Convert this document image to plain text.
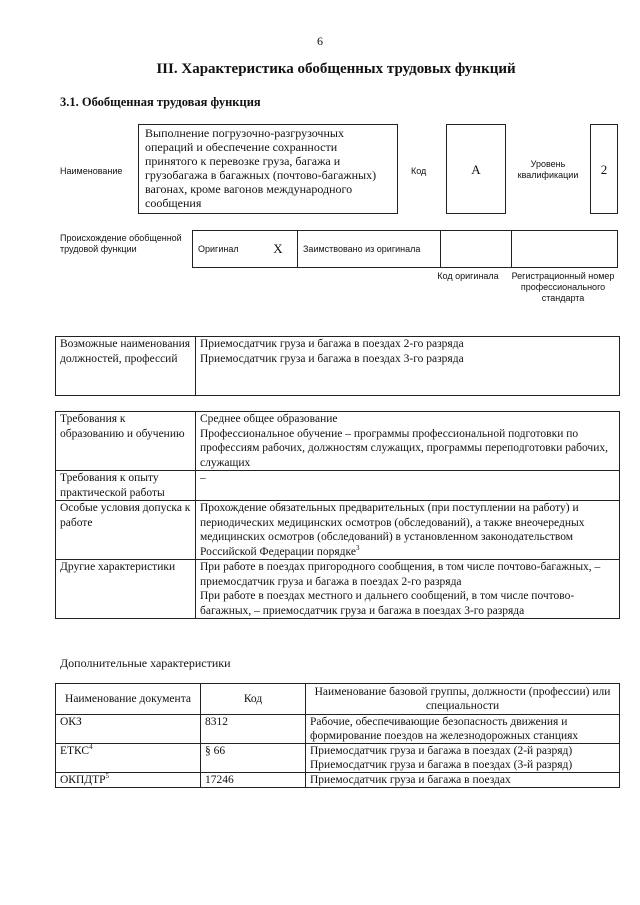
6
III. Характеристика обобщенных трудовых функций
3.1. Обобщенная трудовая функция
Наименование
Выполнение погрузочно-разгрузочных операций и обеспечение сохранности принятого к перевозке груза, багажа и грузобагажа в багажных (почтово-багажных) вагонах, кроме вагонов международного сообщения
Код	А	Уровень квалификации	2
Происхождение обобщенной трудовой функции	Оригинал	Х	Заимствовано из оригинала		
Код оригинала	Регистрационный номер профессионального стандарта
Возможные наименования должностей, профессий	
Приемосдатчик груза и багажа в поездах 2-го разряда
Приемосдатчик груза и багажа в поездах 3-го разряда
Требования к образованию и обучению	Среднее общее образование
Профессиональное обучение – программы профессиональной подготовки по профессиям рабочих, должностям служащих, программы переподготовки рабочих, служащих

Требования к опыту практической работы	–
Особые условия допуска к работе	Прохождение обязательных предварительных (при поступлении на работу) и периодических медицинских осмотров (обследований), а также внеочередных медицинских осмотров (обследований) в установленном законодательством Российской Федерации порядке$^3$
Другие характеристики	При работе в поездах пригородного сообщения, в том числе почтово-багажных, – приемосдатчик груза и багажа в поездах 2-го разряда
При работе в поездах местного и дальнего сообщений, в том числе почтово-багажных, – приемосдатчик груза и багажа в поездах 3-го разряда
Дополнительные характеристики
Наименование документа	Код	Наименование базовой группы, должности (профессии) или специальности
ОКЗ	8312	Рабочие, обеспечивающие безопасность движения и формирование поездов на железнодорожных станциях
ЕТКС$^4$	§ 66	Приемосдатчик груза и багажа в поездах (2-й разряд)
Приемосдатчик груза и багажа в поездах (3-й разряд)

ОКПДТР$^5$	17246	Приемосдатчик груза и багажа в поездах
